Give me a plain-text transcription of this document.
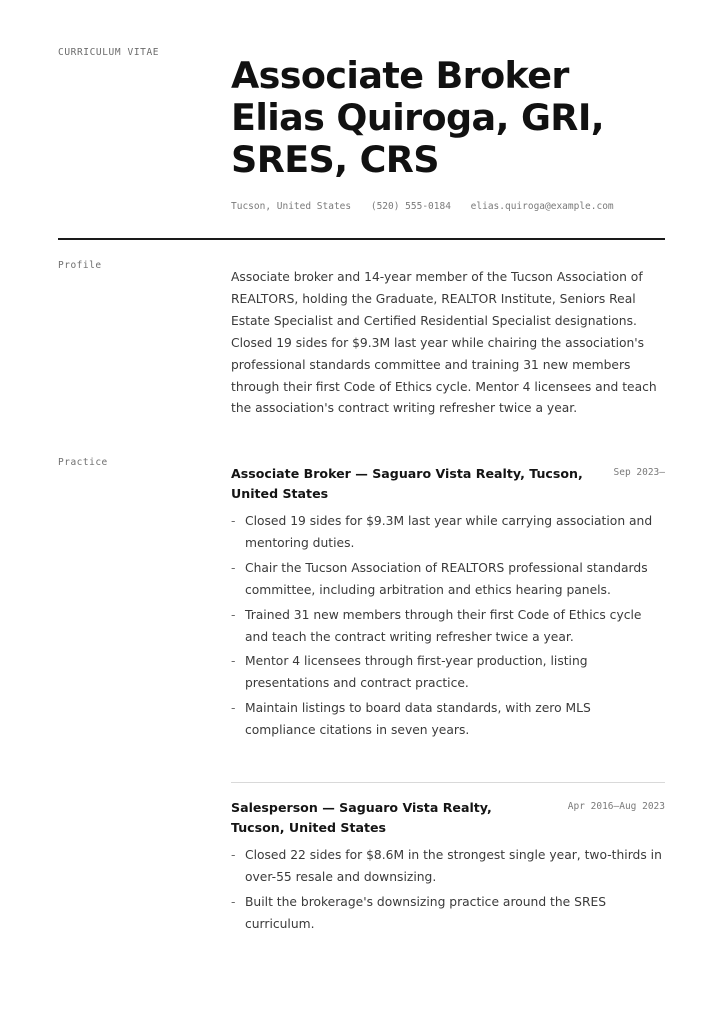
CURRICULUM VITAE
Associate Broker
Elias Quiroga, GRI,
SRES, CRS
Tucson, United States (520) 555-0184 elias.quiroga@example.com
Profile

Associate broker and 14-year member of the Tucson Association of REALTORS, holding the Graduate, REALTOR Institute, Seniors Real Estate Specialist and Certified Residential Specialist designations. Closed 19 sides for $9.3M last year while chairing the association's professional standards committee and training 31 new members through their first Code of Ethics cycle. Mentor 4 licensees and teach the association's contract writing refresher twice a year.

Practice
Associate Broker — Saguaro Vista Realty, Tucson, United States
Sep 2023–
- Closed 19 sides for $9.3M last year while carrying association and mentoring duties.
- Chair the Tucson Association of REALTORS professional standards committee, including arbitration and ethics hearing panels.
- Trained 31 new members through their first Code of Ethics cycle and teach the contract writing refresher twice a year.
- Mentor 4 licensees through first-year production, listing presentations and contract practice.
- Maintain listings to board data standards, with zero MLS compliance citations in seven years.
Salesperson — Saguaro Vista Realty, Tucson, United States
Apr 2016–Aug 2023
- Closed 22 sides for $8.6M in the strongest single year, two-thirds in over-55 resale and downsizing.
- Built the brokerage's downsizing practice around the SRES curriculum.
